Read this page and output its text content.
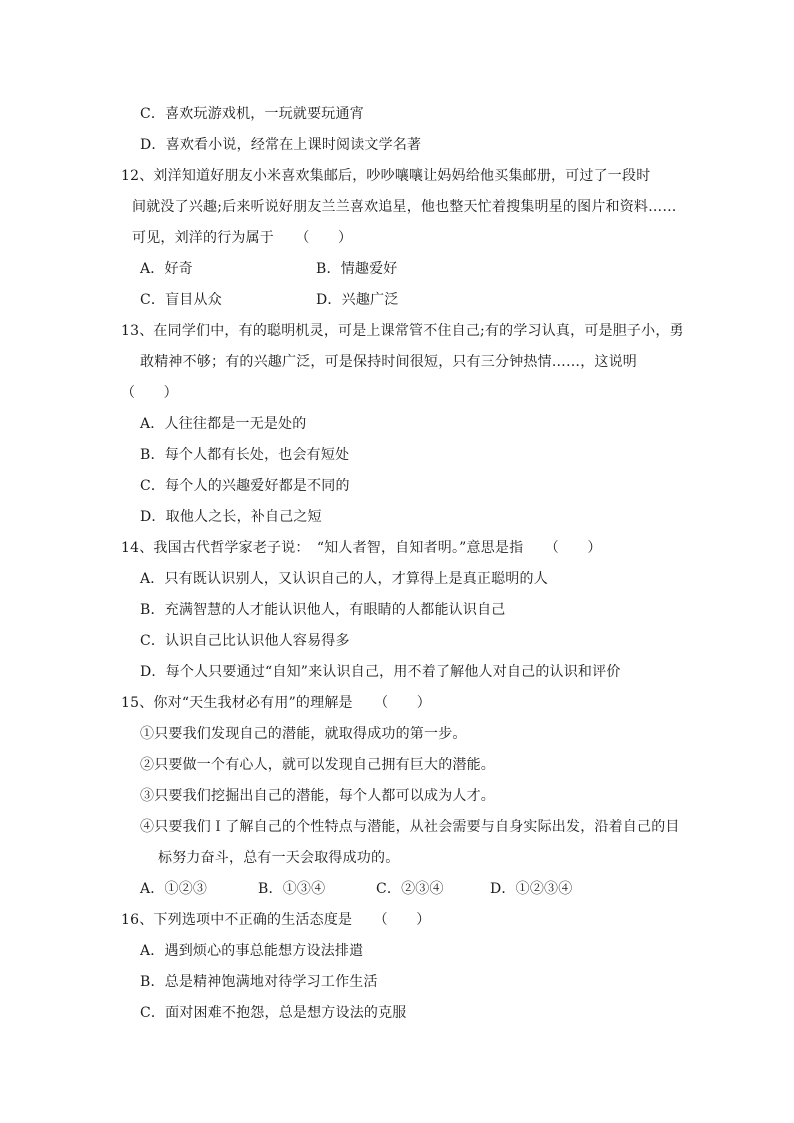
C．喜欢玩游戏机，一玩就要玩通宵
D．喜欢看小说，经常在上课时阅读文学名著
12、刘洋知道好朋友小米喜欢集邮后，吵吵嚷嚷让妈妈给他买集邮册，可过了一段时
间就没了兴趣;后来听说好朋友兰兰喜欢追星，他也整天忙着搜集明星的图片和资料……
可见，刘洋的行为属于　　（　　）
A．好奇	B．情趣爱好
C．盲目从众	D．兴趣广泛
13、在同学们中，有的聪明机灵，可是上课常管不住自己;有的学习认真，可是胆子小，勇
敢精神不够；有的兴趣广泛，可是保持时间很短，只有三分钟热情……，这说明
（　　）
A．人往往都是一无是处的
B．每个人都有长处，也会有短处
C．每个人的兴趣爱好都是不同的
D．取他人之长，补自己之短
14、我国古代哲学家老子说：　“知人者智，自知者明。”意思是指　　（　　）
A．只有既认识别人，又认识自己的人，才算得上是真正聪明的人
B．充满智慧的人才能认识他人，有眼睛的人都能认识自己
C．认识自己比认识他人容易得多
D．每个人只要通过“自知”来认识自己，用不着了解他人对自己的认识和评价
15、你对“天生我材必有用”的理解是　　（　　）
①只要我们发现自己的潜能，就取得成功的第一步。
②只要做一个有心人，就可以发现自己拥有巨大的潜能。
③只要我们挖掘出自己的潜能，每个人都可以成为人才。
④只要我们Ｉ了解自己的个性特点与潜能，从社会需要与自身实际出发，沿着自己的目
标努力奋斗，总有一天会取得成功的。
A．①②③	B．①③④	C．②③④	D．①②③④
16、下列选项中不正确的生活态度是　　（　　）
A．遇到烦心的事总能想方设法排遣
B．总是精神饱满地对待学习工作生活
C．面对困难不抱怨，总是想方设法的克服
